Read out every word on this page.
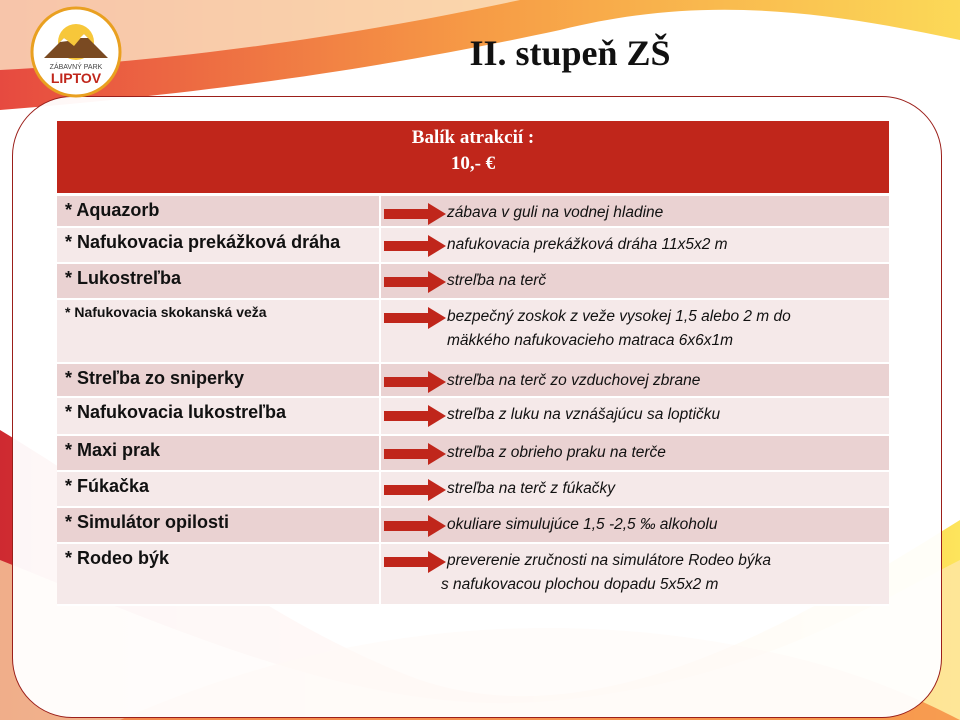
ZÁBAVNÝ PARK
LIPTOV
II. stupeň ZŠ
Balík atrakcií :
10,- €
* Aquazorb	zábava v guli na vodnej hladine
* Nafukovacia prekážková dráha	nafukovacia prekážková dráha 11x5x2 m
* Lukostreľba	streľba na terč
* Nafukovacia skokanská veža	bezpečný zoskok z veže vysokej 1,5 alebo 2 m do
mäkkého nafukovacieho matraca 6x6x1m
* Streľba zo sniperky	streľba na terč zo vzduchovej zbrane
* Nafukovacia lukostreľba	streľba z luku na vznášajúcu sa loptičku
* Maxi prak	streľba z obrieho praku na terče
* Fúkačka	streľba na terč z fúkačky
* Simulátor opilosti	okuliare simulujúce 1,5 -2,5 ‰ alkoholu
* Rodeo býk	preverenie zručnosti na simulátore Rodeo býka
s nafukovacou plochou dopadu 5x5x2 m
